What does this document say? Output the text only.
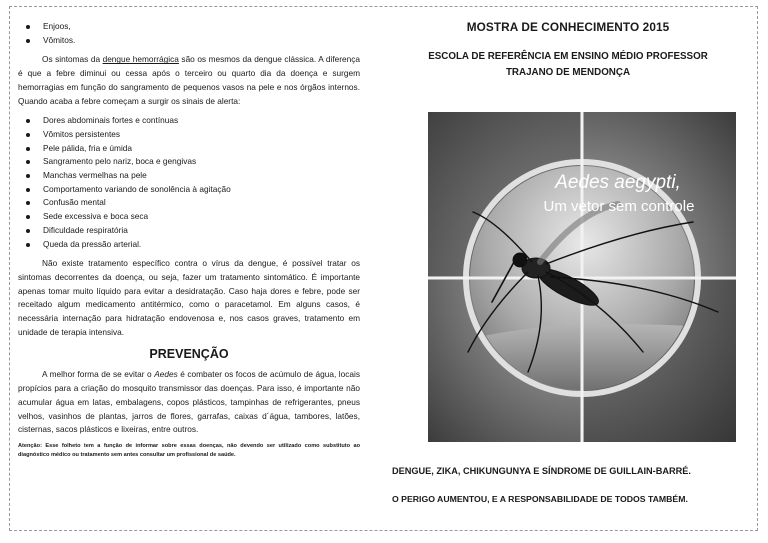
Enjoos,
Vômitos.

Os sintomas da dengue hemorrágica são os mesmos da dengue clássica. A diferença é que a febre diminui ou cessa após o terceiro ou quarto dia da doença e surgem hemorragias em função do sangramento de pequenos vasos na pele e nos órgãos internos. Quando acaba a febre começam a surgir os sinais de alerta:

Dores abdominais fortes e contínuas
Vômitos persistentes
Pele pálida, fria e úmida
Sangramento pelo nariz, boca e gengivas
Manchas vermelhas na pele
Comportamento variando de sonolência à agitação
Confusão mental
Sede excessiva e boca seca
Dificuldade respiratória
Queda da pressão arterial.

Não existe tratamento específico contra o vírus da dengue, é possível tratar os sintomas decorrentes da doença, ou seja, fazer um tratamento sintomático. É importante apenas tomar muito líquido para evitar a desidratação. Caso haja dores e febre, pode ser receitado algum medicamento antitérmico, como o paracetamol. Em alguns casos, é necessária internação para hidratação endovenosa e, nos casos graves, tratamento em unidade de terapia intensiva.

PREVENÇÃO

A melhor forma de se evitar o Aedes é combater os focos de acúmulo de água, locais propícios para a criação do mosquito transmissor das doenças. Para isso, é importante não acumular água em latas, embalagens, copos plásticos, tampinhas de refrigerantes, pneus velhos, vasinhos de plantas, jarros de flores, garrafas, caixas d´água, tambores, latões, cisternas, sacos plásticos e lixeiras, entre outros.

Atenção: Esse folheto tem a função de informar sobre essas doenças, não devendo ser utilizado como substituto ao diagnóstico médico ou tratamento sem antes consultar um profissional de saúde.

MOSTRA DE CONHECIMENTO 2015

ESCOLA DE REFERÊNCIA EM ENSINO MÉDIO PROFESSOR
TRAJANO DE MENDONÇA

Aedes aegypti,
Um vetor sem controle

DENGUE, ZIKA, CHIKUNGUNYA E SÍNDROME DE GUILLAIN-BARRÉ.

O PERIGO AUMENTOU, E A RESPONSABILIDADE DE TODOS TAMBÉM.
